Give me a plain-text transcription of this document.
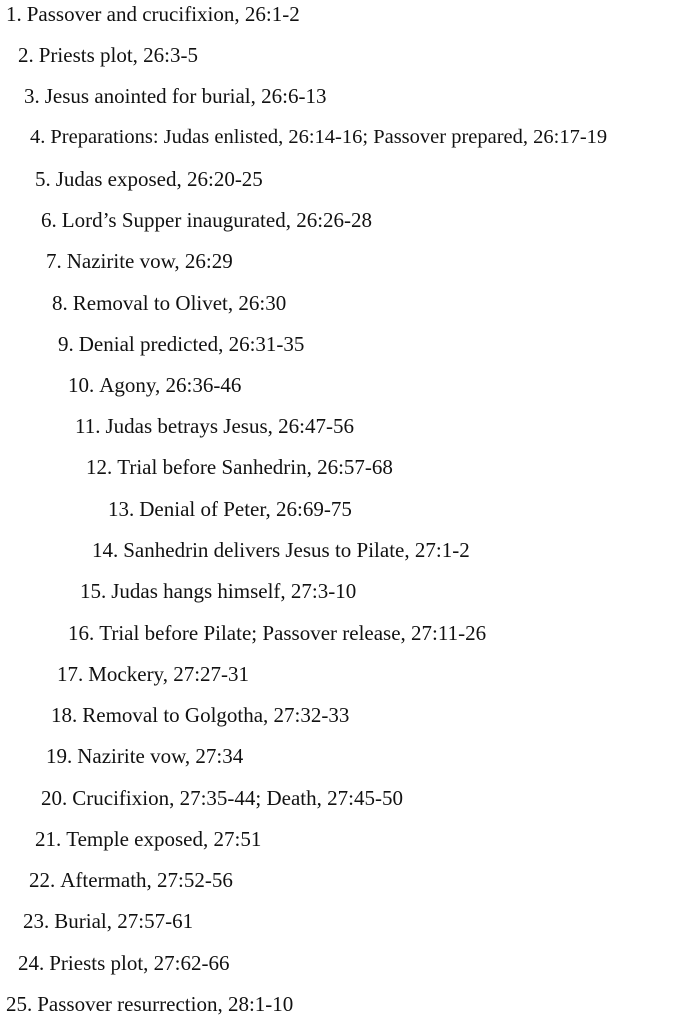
1. Passover and crucifixion, 26:1-2
2. Priests plot, 26:3-5
3. Jesus anointed for burial, 26:6-13
4. Preparations: Judas enlisted, 26:14-16; Passover prepared, 26:17-19
5. Judas exposed, 26:20-25
6. Lord’s Supper inaugurated, 26:26-28
7. Nazirite vow, 26:29
8. Removal to Olivet, 26:30
9. Denial predicted, 26:31-35
10. Agony, 26:36-46
11. Judas betrays Jesus, 26:47-56
12. Trial before Sanhedrin, 26:57-68
13. Denial of Peter, 26:69-75
14. Sanhedrin delivers Jesus to Pilate, 27:1-2
15. Judas hangs himself, 27:3-10
16. Trial before Pilate; Passover release, 27:11-26
17. Mockery, 27:27-31
18. Removal to Golgotha, 27:32-33
19. Nazirite vow, 27:34
20. Crucifixion, 27:35-44; Death, 27:45-50
21. Temple exposed, 27:51
22. Aftermath, 27:52-56
23. Burial, 27:57-61
24. Priests plot, 27:62-66
25. Passover resurrection, 28:1-10
